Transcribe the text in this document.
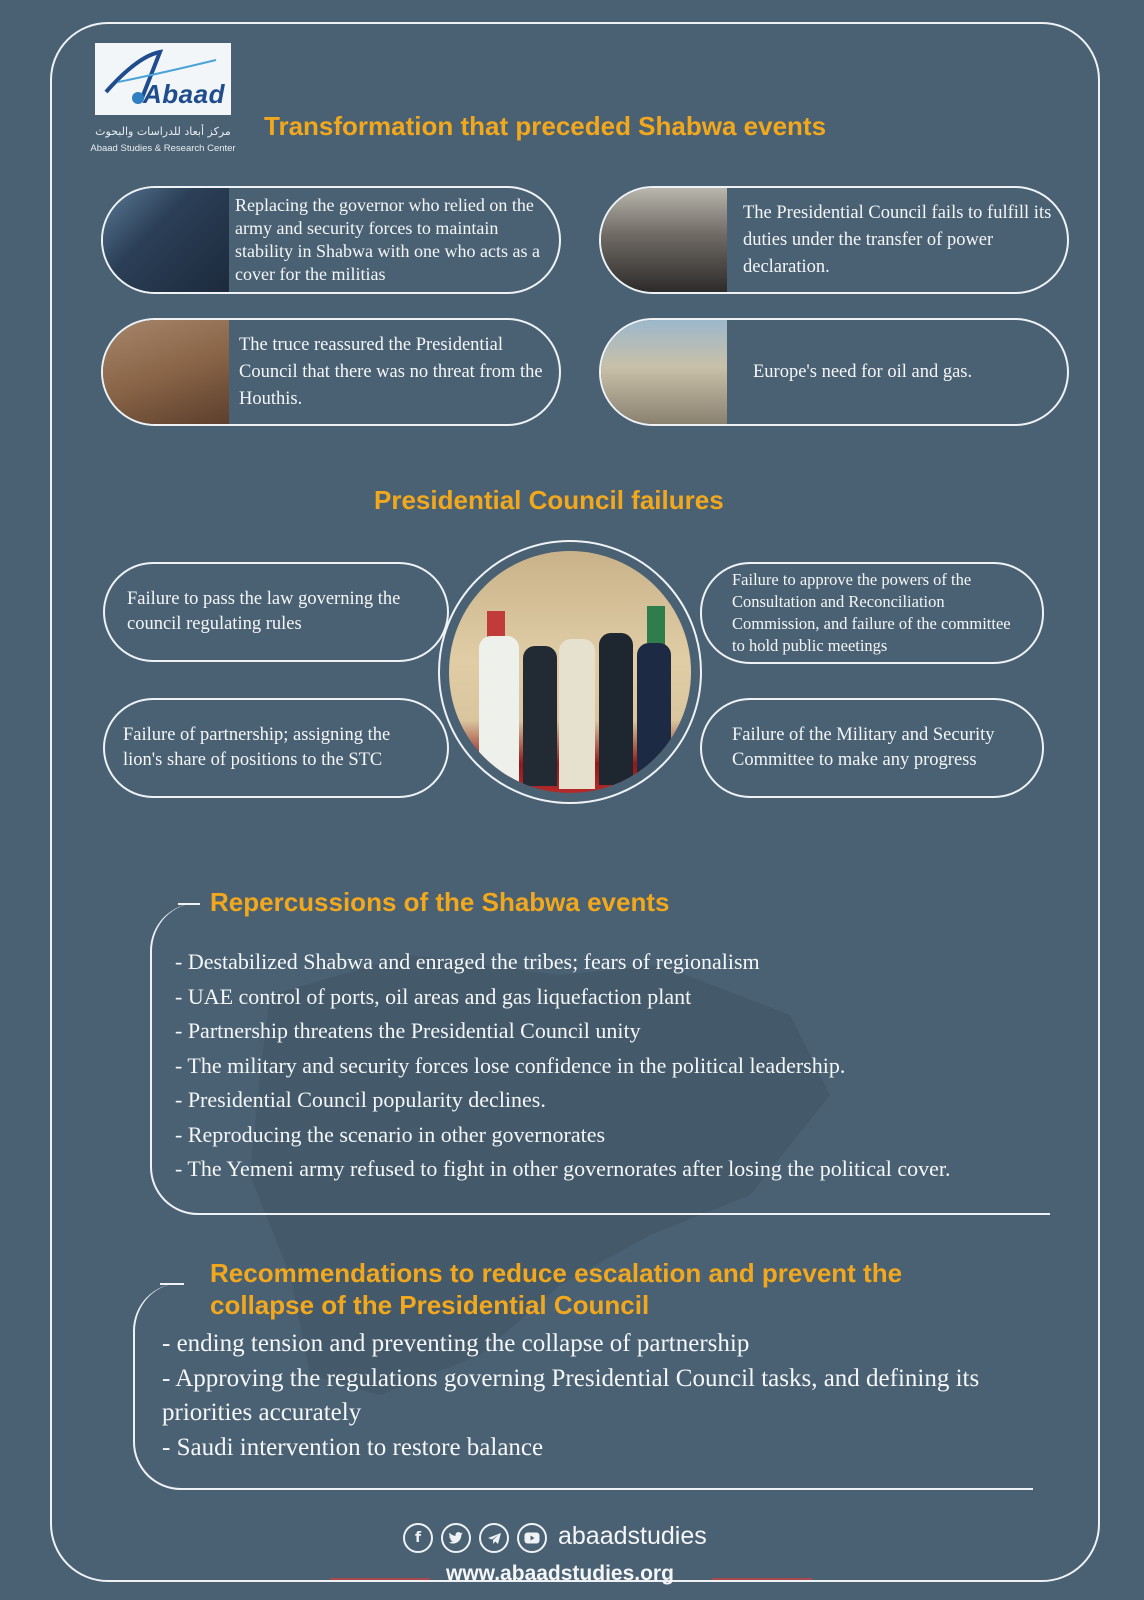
Abaad
مركز أبعاد للدراسات والبحوث
Abaad Studies & Research Center
Transformation that preceded Shabwa events
Replacing the governor who relied on the army and security forces to maintain stability in Shabwa with one who acts as a cover for the militias
The Presidential Council fails to fulfill its duties under the transfer of power declaration.
The truce reassured the Presidential Council that there was no threat from the Houthis.
Europe's need for oil and gas.
Presidential Council failures
Failure to pass the law governing the council regulating rules
Failure to approve the powers of the Consultation and Reconciliation Commission, and failure of the committee to hold public meetings
Failure of partnership; assigning the lion's share of positions to the STC
Failure of the Military and Security Committee to make any progress
Repercussions of the Shabwa events
- Destabilized Shabwa and enraged the tribes; fears of regionalism
- UAE control of ports, oil areas and gas liquefaction plant
- Partnership threatens the Presidential Council unity
- The military and security forces lose confidence in the political leadership.
- Presidential Council popularity declines.
- Reproducing the scenario in other governorates
- The Yemeni army refused to fight in other governorates after losing the political cover.
Recommendations to reduce escalation and prevent the
collapse of the Presidential Council
- ending tension and preventing the collapse of partnership
- Approving the regulations governing Presidential Council tasks, and defining its priorities accurately
- Saudi intervention to restore balance
f	abaadstudies
www.abaadstudies.org
